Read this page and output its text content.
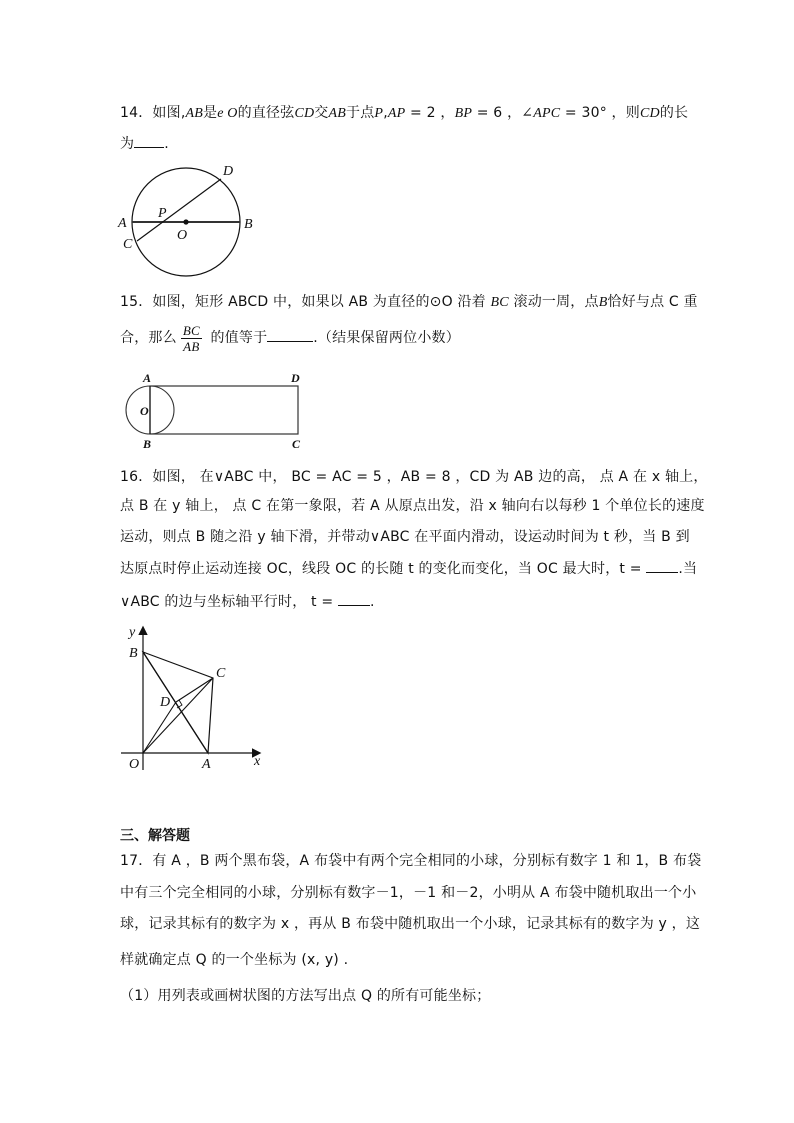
14．如图,AB是e O的直径弦CD交AB于点P,AP = 2 ，BP = 6 ，∠APC = 30° ，则CD的长
为 .
A	B
C
D
O
P
15．如图，矩形 ABCD 中，如果以 AB 为直径的⊙O 沿着 BC 滚动一周，点B恰好与点 C 重
合，那么 $\frac{BC}{AB}$ 的值等于	.（结果保留两位小数）
A	D
O
B	C
16．如图， 在∨ABC 中， BC = AC = 5 ，AB = 8 ，CD 为 AB 边的高， 点 A 在 x 轴上，
点 B 在 y 轴上， 点 C 在第一象限，若 A 从原点出发，沿 x 轴向右以每秒 1 个单位长的速度
运动，则点 B 随之沿 y 轴下滑，并带动∨ABC 在平面内滑动，设运动时间为 t 秒，当 B 到
达原点时停止运动连接 OC，线段 OC 的长随 t 的变化而变化，当 OC 最大时，t = .当
∨ABC 的边与坐标轴平行时， t = .
y
x
B
C
D
O	A
三、解答题
17．有 A ，B 两个黑布袋，A 布袋中有两个完全相同的小球，分别标有数字 1 和 1，B 布袋
中有三个完全相同的小球，分别标有数字－1，－1 和－2，小明从 A 布袋中随机取出一个小
球，记录其标有的数字为 x ，再从 B 布袋中随机取出一个小球，记录其标有的数字为 y ，这
样就确定点 Q 的一个坐标为 (x, y) .
（1）用列表或画树状图的方法写出点 Q 的所有可能坐标；
